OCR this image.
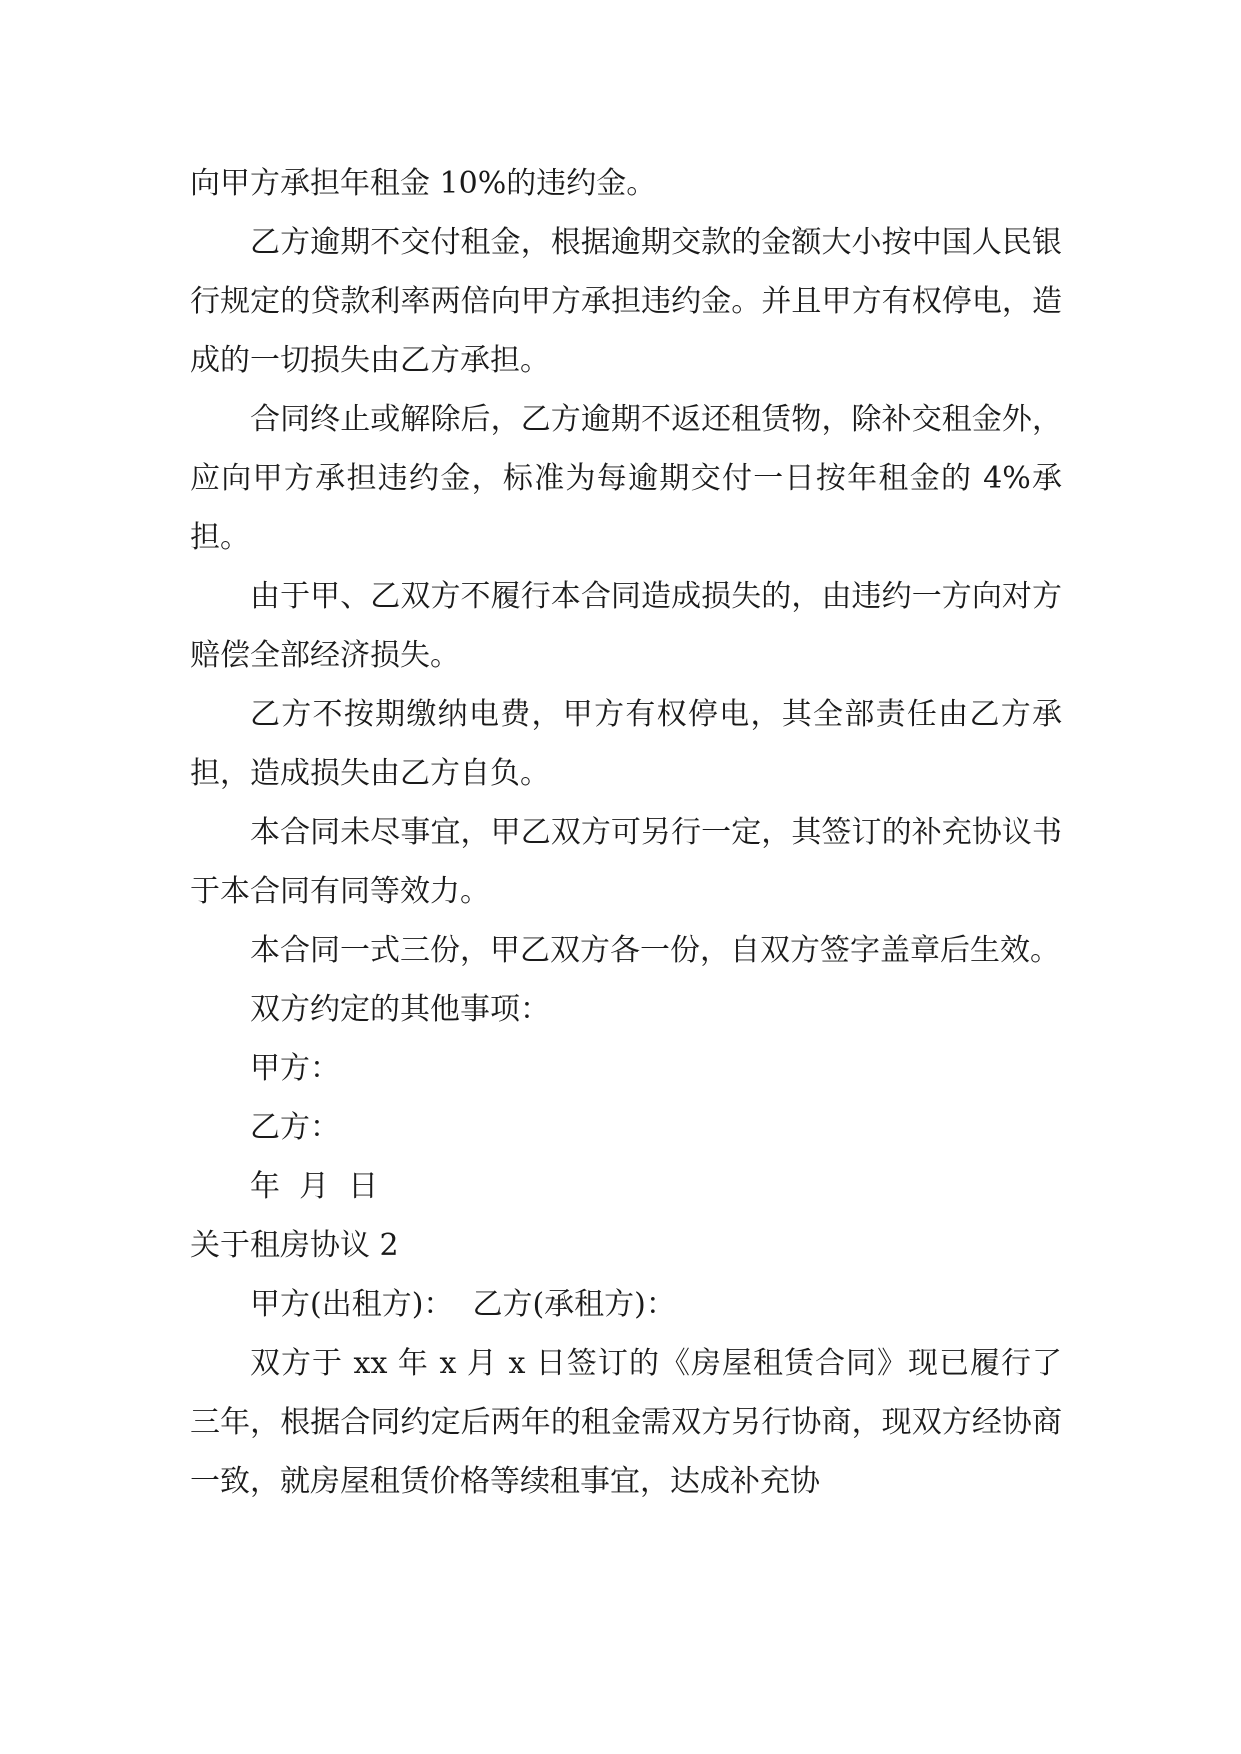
向甲方承担年租金 10%的违约金。

乙方逾期不交付租金，根据逾期交款的金额大小按中国人民银行规定的贷款利率两倍向甲方承担违约金。并且甲方有权停电，造成的一切损失由乙方承担。

合同终止或解除后，乙方逾期不返还租赁物，除补交租金外，应向甲方承担违约金，标准为每逾期交付一日按年租金的 4%承担。

由于甲、乙双方不履行本合同造成损失的，由违约一方向对方赔偿全部经济损失。

乙方不按期缴纳电费，甲方有权停电，其全部责任由乙方承担，造成损失由乙方自负。

本合同未尽事宜，甲乙双方可另行一定，其签订的补充协议书于本合同有同等效力。

本合同一式三份，甲乙双方各一份，自双方签字盖章后生效。

双方约定的其他事项：

甲方：

乙方：

年  月  日

关于租房协议 2

甲方(出租方)：  乙方(承租方)：

双方于 xx 年 x 月 x 日签订的《房屋租赁合同》现已履行了三年，根据合同约定后两年的租金需双方另行协商，现双方经协商一致，就房屋租赁价格等续租事宜，达成补充协
